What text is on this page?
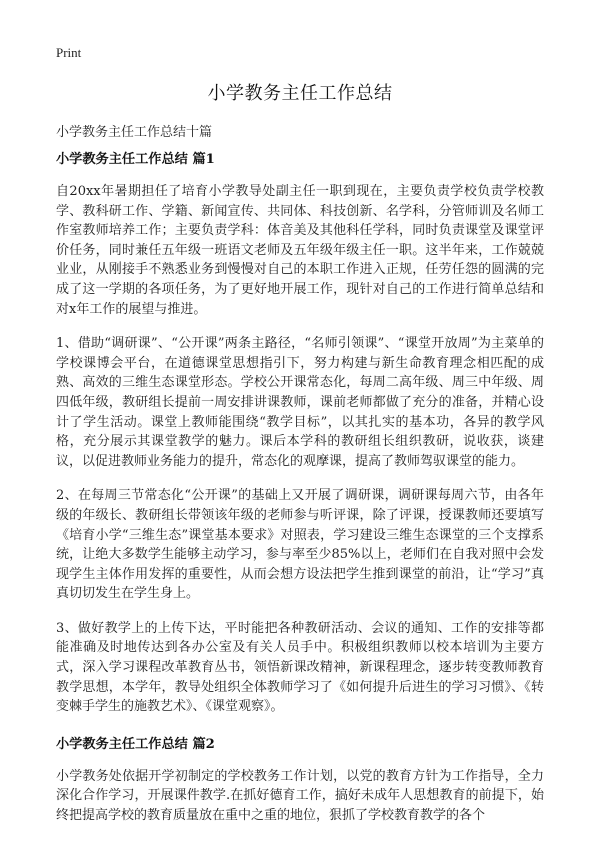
Print
小学教务主任工作总结
小学教务主任工作总结十篇
小学教务主任工作总结 篇1

自20xx年暑期担任了培育小学教导处副主任一职到现在，主要负责学校负责学校教学、教科研工作、学籍、新闻宣传、共同体、科技创新、名学科，分管师训及名师工作室教师培养工作；主要负责学科：体音美及其他科任学科，同时负责课堂及课堂评价任务，同时兼任五年级一班语文老师及五年级年级主任一职。这半年来，工作兢兢业业，从刚接手不熟悉业务到慢慢对自己的本职工作进入正规，任劳任怨的圆满的完成了这一学期的各项任务，为了更好地开展工作，现针对自己的工作进行简单总结和对x年工作的展望与推进。

1、借助“调研课”、“公开课”两条主路径，“名师引领课”、“课堂开放周”为主菜单的学校课博会平台，在道德课堂思想指引下，努力构建与新生命教育理念相匹配的成熟、高效的三维生态课堂形态。学校公开课常态化，每周二高年级、周三中年级、周四低年级，教研组长提前一周安排讲课教师，课前老师都做了充分的准备，并精心设计了学生活动。课堂上教师能围绕“教学目标”，以其扎实的基本功，各异的教学风格，充分展示其课堂教学的魅力。课后本学科的教研组长组织教研，说收获，谈建议，以促进教师业务能力的提升，常态化的观摩课，提高了教师驾驭课堂的能力。

2、在每周三节常态化“公开课”的基础上又开展了调研课，调研课每周六节，由各年级的年级长、教研组长带领该年级的老师参与听评课，除了评课，授课教师还要填写《培育小学“三维生态”课堂基本要求》对照表，学习建设三维生态课堂的三个支撑系统，让绝大多数学生能够主动学习，参与率至少85%以上，老师们在自我对照中会发现学生主体作用发挥的重要性，从而会想方设法把学生推到课堂的前沿，让“学习”真真切切发生在学生身上。

3、做好教学上的上传下达，平时能把各种教研活动、会议的通知、工作的安排等都能准确及时地传达到各办公室及有关人员手中。积极组织教师以校本培训为主要方式，深入学习课程改革教育丛书，领悟新课改精神，新课程理念，逐步转变教师教育教学思想，本学年，教导处组织全体教师学习了《如何提升后进生的学习习惯》、《转变棘手学生的施教艺术》、《课堂观察》。

小学教务主任工作总结 篇2

小学教务处依据开学初制定的学校教务工作计划，以党的教育方针为工作指导，全力深化合作学习，开展课件教学.在抓好德育工作，搞好未成年人思想教育的前提下，始终把提高学校的教育质量放在重中之重的地位，狠抓了学校教育教学的各个
